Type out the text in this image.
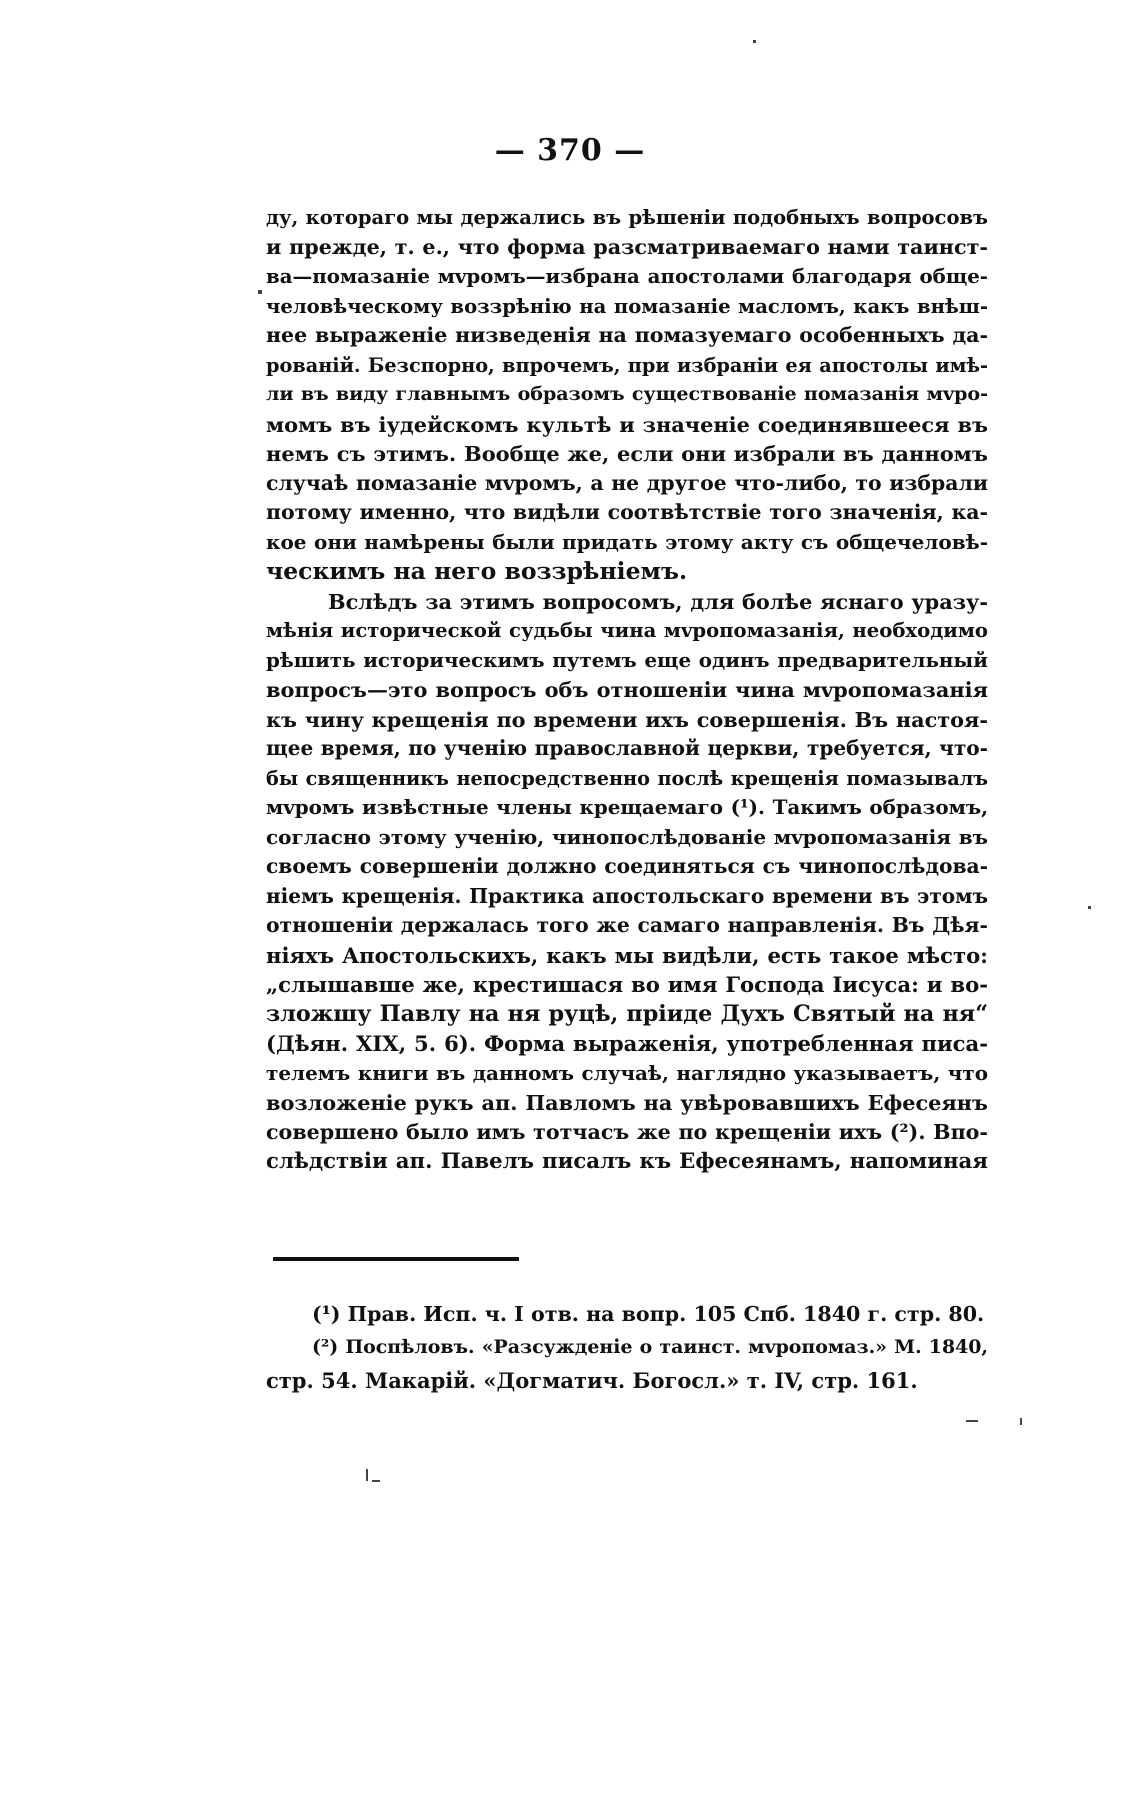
— 370 —
ду, котораго мы держались въ рѣшеніи подобныхъ вопросовъ
и прежде, т. е., что форма разсматриваемаго нами таинст-
ва—помазаніе мvромъ—избрана апостолами благодаря обще-
человѣческому воззрѣнію на помазаніе масломъ, какъ внѣш-
нее выраженіе низведенія на помазуемаго особенныхъ да-
рованій. Безспорно, впрочемъ, при избраніи ея апостолы имѣ-
ли въ виду главнымъ образомъ существованіе помазанія мvро-
момъ въ іудейскомъ культѣ и значеніе соединявшееся въ
немъ съ этимъ. Вообще же, если они избрали въ данномъ
случаѣ помазаніе мvромъ, а не другое что-либо, то избрали
потому именно, что видѣли соотвѣтствіе того значенія, ка-
кое они намѣрены были придать этому акту съ общечеловѣ-
ческимъ на него воззрѣніемъ.
Вслѣдъ за этимъ вопросомъ, для болѣе яснаго уразу-
мѣнія исторической судьбы чина мvропомазанія, необходимо
рѣшить историческимъ путемъ еще одинъ предварительный
вопросъ—это вопросъ объ отношеніи чина мvропомазанія
къ чину крещенія по времени ихъ совершенія. Въ настоя-
щее время, по ученію православной церкви, требуется, что-
бы священникъ непосредственно послѣ крещенія помазывалъ
мvромъ извѣстные члены крещаемаго (¹). Такимъ образомъ,
согласно этому ученію, чинопослѣдованіе мvропомазанія въ
своемъ совершеніи должно соединяться съ чинопослѣдова-
ніемъ крещенія. Практика апостольскаго времени въ этомъ
отношеніи держалась того же самаго направленія. Въ Дѣя-
ніяхъ Апостольскихъ, какъ мы видѣли, есть такое мѣсто:
„слышавше же, крестишася во имя Господа Іисуса: и во-
зложшу Павлу на ня руцѣ, пріиде Духъ Святый на ня“
(Дѣян. XIX, 5. 6). Форма выраженія, употребленная писа-
телемъ книги въ данномъ случаѣ, наглядно указываетъ, что
возложеніе рукъ ап. Павломъ на увѣровавшихъ Ефесеянъ
совершено было имъ тотчасъ же по крещеніи ихъ (²). Впо-
слѣдствіи ап. Павелъ писалъ къ Ефесеянамъ, напоминая
(¹) Прав. Исп. ч. I отв. на вопр. 105 Спб. 1840 г. стр. 80.
(²) Поспѣловъ. «Разсужденіе о таинст. мvропомаз.» М. 1840,
стр. 54. Макарій. «Догматич. Богосл.» т. IV, стр. 161.
